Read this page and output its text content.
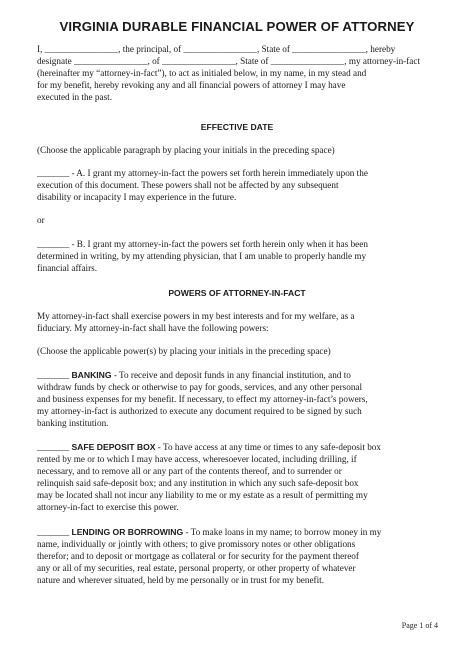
VIRGINIA DURABLE FINANCIAL POWER OF ATTORNEY
I, ________________, the principal, of ________________, State of ________________, hereby
designate ________________, of ________________, State of ________________, my attorney-in-fact
(hereinafter my “attorney-in-fact”), to act as initialed below, in my name, in my stead and
for my benefit, hereby revoking any and all financial powers of attorney I may have
executed in the past.
EFFECTIVE DATE
(Choose the applicable paragraph by placing your initials in the preceding space)
_______ - A. I grant my attorney-in-fact the powers set forth herein immediately upon the
execution of this document. These powers shall not be affected by any subsequent
disability or incapacity I may experience in the future.
or
_______ - B. I grant my attorney-in-fact the powers set forth herein only when it has been
determined in writing, by my attending physician, that I am unable to properly handle my
financial affairs.
POWERS OF ATTORNEY-IN-FACT
My attorney-in-fact shall exercise powers in my best interests and for my welfare, as a
fiduciary. My attorney-in-fact shall have the following powers:
(Choose the applicable power(s) by placing your initials in the preceding space)
_______ BANKING - To receive and deposit funds in any financial institution, and to
withdraw funds by check or otherwise to pay for goods, services, and any other personal
and business expenses for my benefit. If necessary, to effect my attorney-in-fact’s powers,
my attorney-in-fact is authorized to execute any document required to be signed by such
banking institution.
_______ SAFE DEPOSIT BOX - To have access at any time or times to any safe-deposit box
rented by me or to which I may have access, wheresoever located, including drilling, if
necessary, and to remove all or any part of the contents thereof, and to surrender or
relinquish said safe-deposit box; and any institution in which any such safe-deposit box
may be located shall not incur any liability to me or my estate as a result of permitting my
attorney-in-fact to exercise this power.
_______ LENDING OR BORROWING - To make loans in my name; to borrow money in my
name, individually or jointly with others; to give promissory notes or other obligations
therefor; and to deposit or mortgage as collateral or for security for the payment thereof
any or all of my securities, real estate, personal property, or other property of whatever
nature and wherever situated, held by me personally or in trust for my benefit.
Page 1 of 4
